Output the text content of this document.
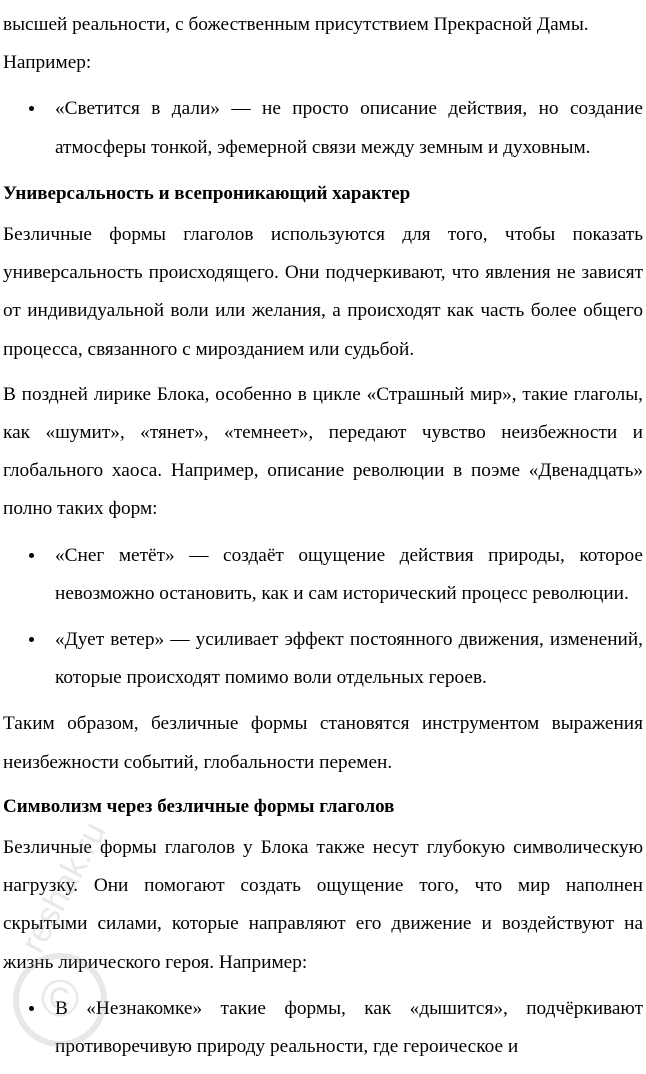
высшей реальности, с божественным присутствием Прекрасной Дамы.

Например:

«Светится в дали» — не просто описание действия, но создание атмосферы тонкой, эфемерной связи между земным и духовным.

Универсальность и всепроникающий характер

Безличные формы глаголов используются для того, чтобы показать универсальность происходящего. Они подчеркивают, что явления не зависят от индивидуальной воли или желания, а происходят как часть более общего процесса, связанного с мирозданием или судьбой.

В поздней лирике Блока, особенно в цикле «Страшный мир», такие глаголы, как «шумит», «тянет», «темнеет», передают чувство неизбежности и глобального хаоса. Например, описание революции в поэме «Двенадцать» полно таких форм:

«Снег метёт» — создаёт ощущение действия природы, которое невозможно остановить, как и сам исторический процесс революции.

«Дует ветер» — усиливает эффект постоянного движения, изменений, которые происходят помимо воли отдельных героев.

Таким образом, безличные формы становятся инструментом выражения неизбежности событий, глобальности перемен.

Символизм через безличные формы глаголов

Безличные формы глаголов у Блока также несут глубокую символическую нагрузку. Они помогают создать ощущение того, что мир наполнен скрытыми силами, которые направляют его движение и воздействуют на жизнь лирического героя. Например:

В «Незнакомке» такие формы, как «дышится», подчёркивают противоречивую природу реальности, где героическое и

©
reshak.ru
